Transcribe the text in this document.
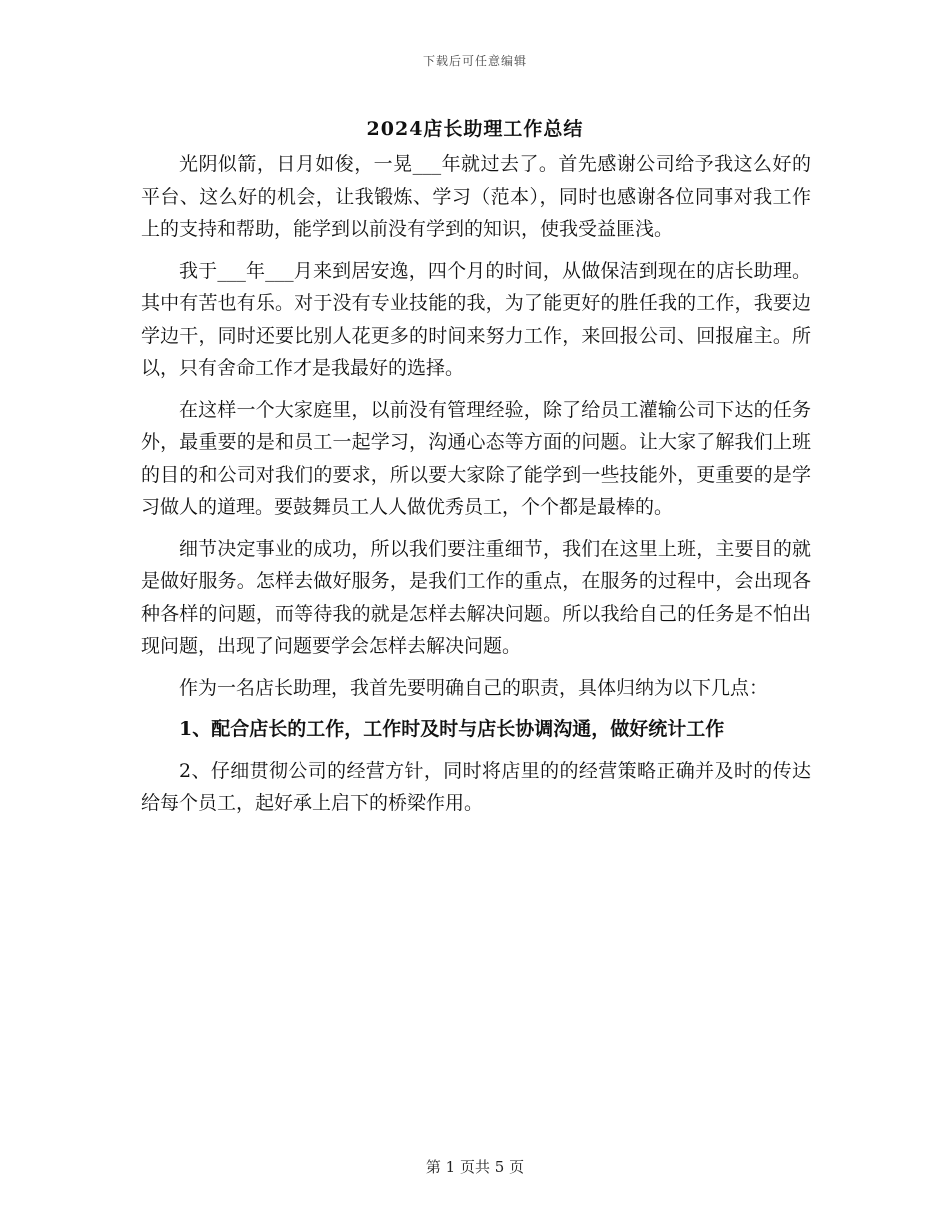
下载后可任意编辑
2024店长助理工作总结

光阴似箭，日月如俊，一晃___年就过去了。首先感谢公司给予我这么好的平台、这么好的机会，让我锻炼、学习（范本），同时也感谢各位同事对我工作上的支持和帮助，能学到以前没有学到的知识，使我受益匪浅。

我于___年___月来到居安逸，四个月的时间，从做保洁到现在的店长助理。其中有苦也有乐。对于没有专业技能的我，为了能更好的胜任我的工作，我要边学边干，同时还要比别人花更多的时间来努力工作，来回报公司、回报雇主。所以，只有舍命工作才是我最好的选择。

在这样一个大家庭里，以前没有管理经验，除了给员工灌输公司下达的任务外，最重要的是和员工一起学习，沟通心态等方面的问题。让大家了解我们上班的目的和公司对我们的要求，所以要大家除了能学到一些技能外，更重要的是学习做人的道理。要鼓舞员工人人做优秀员工，个个都是最棒的。

细节决定事业的成功，所以我们要注重细节，我们在这里上班，主要目的就是做好服务。怎样去做好服务，是我们工作的重点，在服务的过程中，会出现各种各样的问题，而等待我的就是怎样去解决问题。所以我给自己的任务是不怕出现问题，出现了问题要学会怎样去解决问题。

作为一名店长助理，我首先要明确自己的职责，具体归纳为以下几点：

1、配合店长的工作，工作时及时与店长协调沟通，做好统计工作

2、仔细贯彻公司的经营方针，同时将店里的的经营策略正确并及时的传达给每个员工，起好承上启下的桥梁作用。

第 1 页共 5 页
